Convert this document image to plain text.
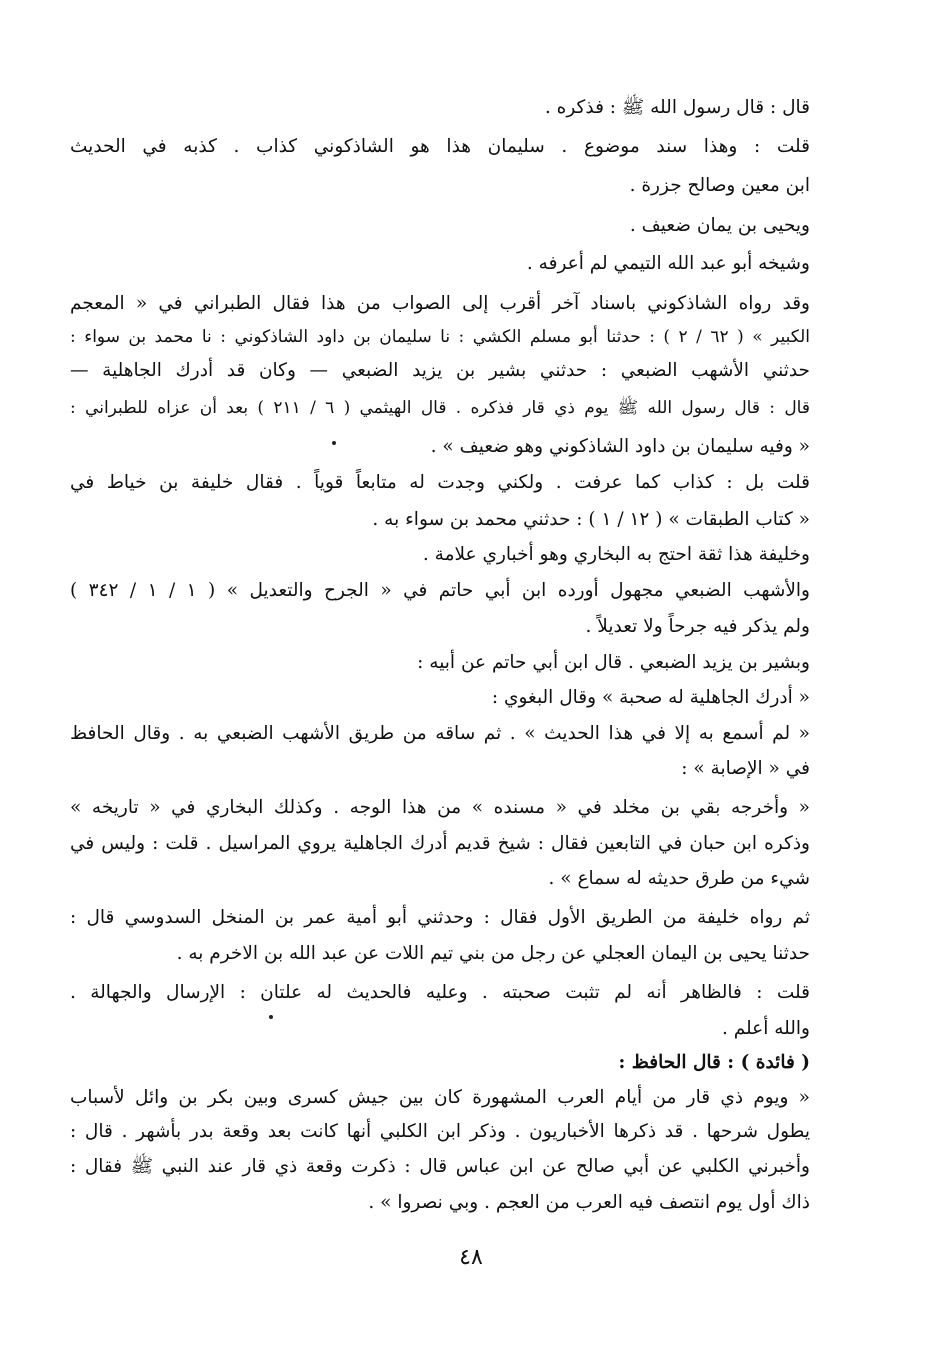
قال : قال رسول الله ﷺ : فذكره .
قلت : وهذا سند موضوع . سليمان هذا هو الشاذكوني كذاب . كذبه في الحديث
ابن معين وصالح جزرة .
ويحيى بن يمان ضعيف .
وشيخه أبو عبد الله التيمي لم أعرفه .
وقد رواه الشاذكوني باسناد آخر أقرب إلى الصواب من هذا فقال الطبراني في « المعجم
الكبير » ( ٦٢ / ٢ ) : حدثنا أبو مسلم الكشي : نا سليمان بن داود الشاذكوني : نا محمد بن سواء :
حدثني الأشهب الضبعي : حدثني بشير بن يزيد الضبعي — وكان قد أدرك الجاهلية —
قال : قال رسول الله ﷺ يوم ذي قار فذكره . قال الهيثمي ( ٦ / ٢١١ ) بعد أن عزاه للطبراني :
« وفيه سليمان بن داود الشاذكوني وهو ضعيف » .
قلت بل : كذاب كما عرفت . ولكني وجدت له متابعاً قوياً . فقال خليفة بن خياط في
« كتاب الطبقات » ( ١٢ / ١ ) : حدثني محمد بن سواء به .
وخليفة هذا ثقة احتج به البخاري وهو أخباري علامة .
والأشهب الضبعي مجهول أورده ابن أبي حاتم في « الجرح والتعديل » ( ١ / ١ / ٣٤٢ )
ولم يذكر فيه جرحاً ولا تعديلاً .
وبشير بن يزيد الضبعي . قال ابن أبي حاتم عن أبيه :
« أدرك الجاهلية له صحبة » وقال البغوي :
« لم أسمع به إلا في هذا الحديث » . ثم ساقه من طريق الأشهب الضبعي به . وقال الحافظ
في « الإصابة » :
« وأخرجه بقي بن مخلد في « مسنده » من هذا الوجه . وكذلك البخاري في « تاريخه »
وذكره ابن حبان في التابعين فقال : شيخ قديم أدرك الجاهلية يروي المراسيل . قلت : وليس في
شيء من طرق حديثه له سماع » .
ثم رواه خليفة من الطريق الأول فقال : وحدثني أبو أمية عمر بن المنخل السدوسي قال :
حدثنا يحيى بن اليمان العجلي عن رجل من بني تيم اللات عن عبد الله بن الاخرم به .
قلت : فالظاهر أنه لم تثبت صحبته . وعليه فالحديث له علتان : الإرسال والجهالة .
والله أعلم .
( فائدة ) : قال الحافظ :
« ويوم ذي قار من أيام العرب المشهورة كان بين جيش كسرى وبين بكر بن وائل لأسباب
يطول شرحها . قد ذكرها الأخباريون . وذكر ابن الكلبي أنها كانت بعد وقعة بدر بأشهر . قال :
وأخبرني الكلبي عن أبي صالح عن ابن عباس قال : ذكرت وقعة ذي قار عند النبي ﷺ فقال :
ذاك أول يوم انتصف فيه العرب من العجم . وبي نصروا » .
٤٨
